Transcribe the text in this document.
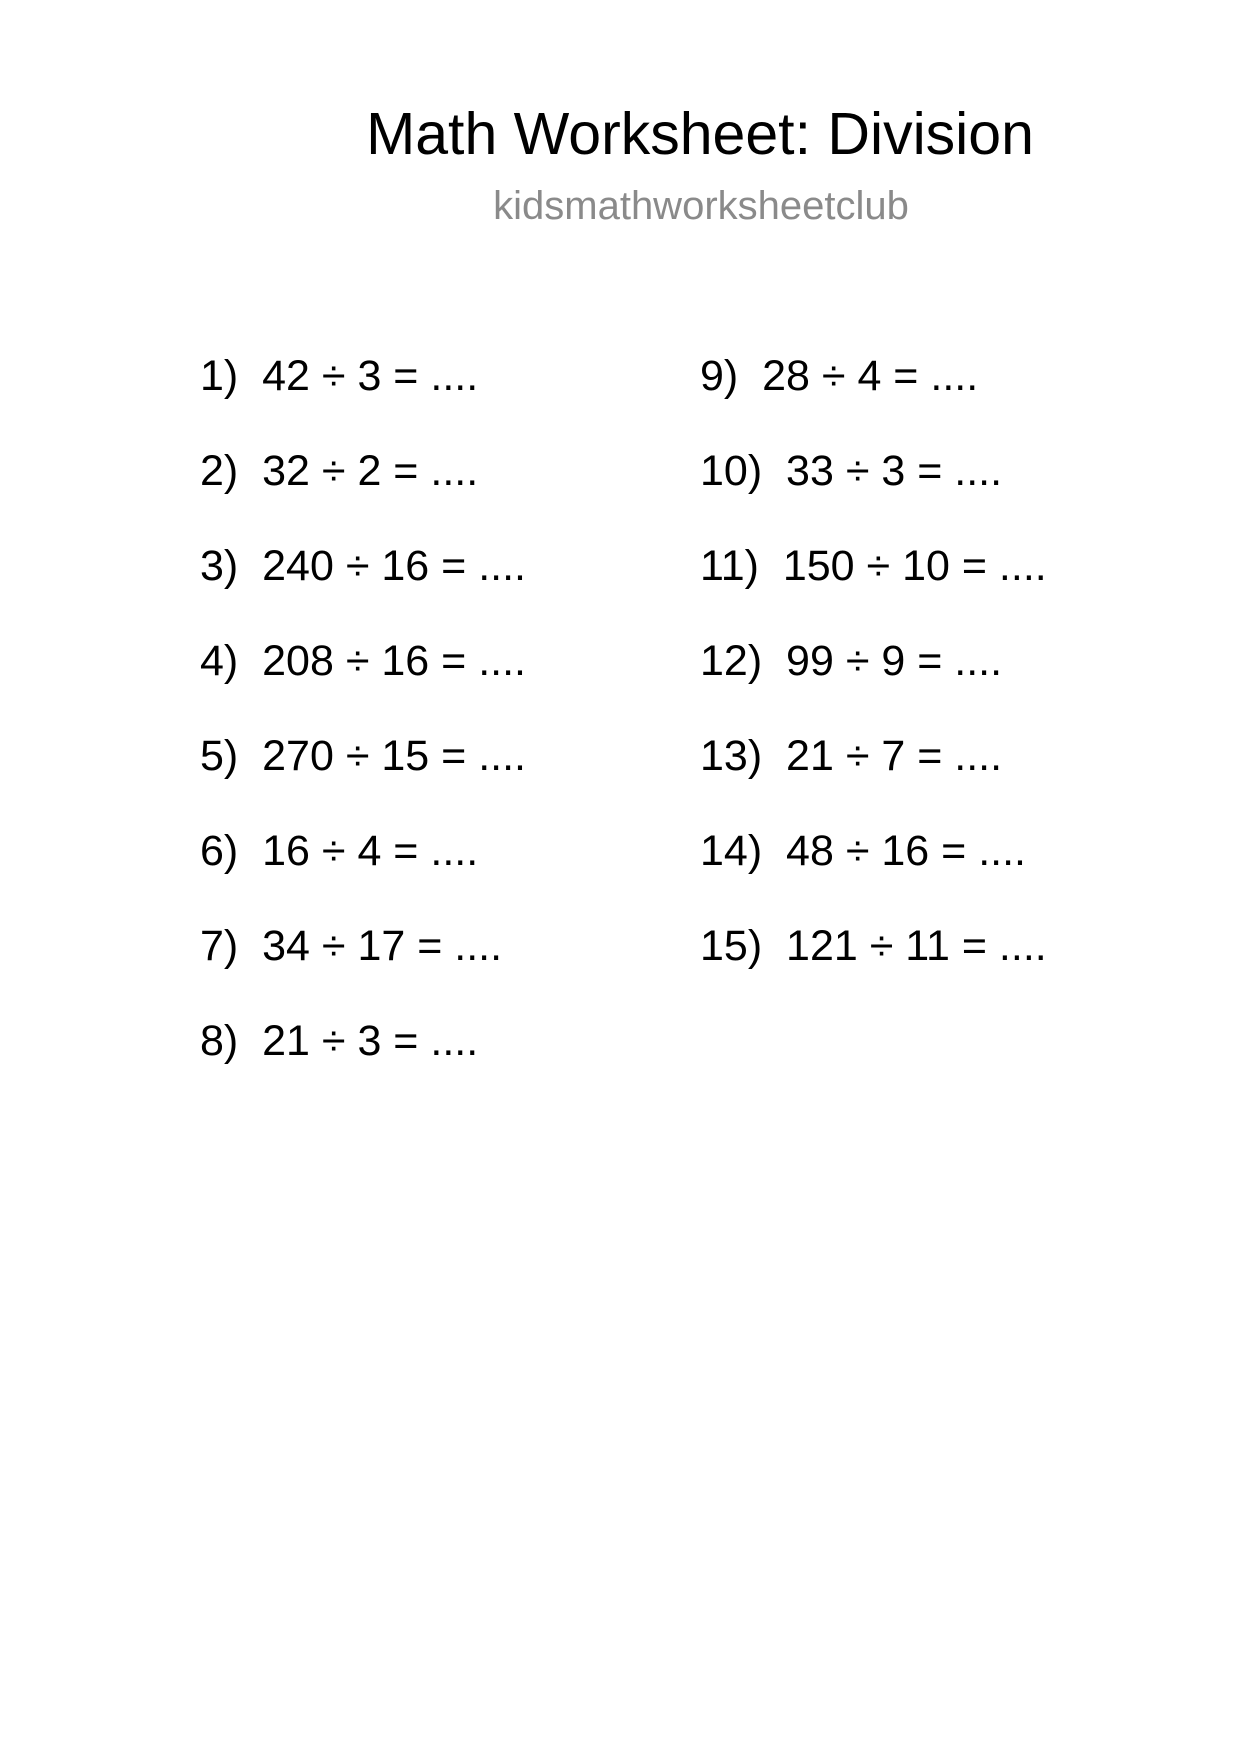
Math Worksheet: Division
kidsmathworksheetclub
1)  42 ÷ 3 = ....
2)  32 ÷ 2 = ....
3)  240 ÷ 16 = ....
4)  208 ÷ 16 = ....
5)  270 ÷ 15 = ....
6)  16 ÷ 4 = ....
7)  34 ÷ 17 = ....
8)  21 ÷ 3 = ....
9)  28 ÷ 4 = ....
10)  33 ÷ 3 = ....
11)  150 ÷ 10 = ....
12)  99 ÷ 9 = ....
13)  21 ÷ 7 = ....
14)  48 ÷ 16 = ....
15)  121 ÷ 11 = ....
